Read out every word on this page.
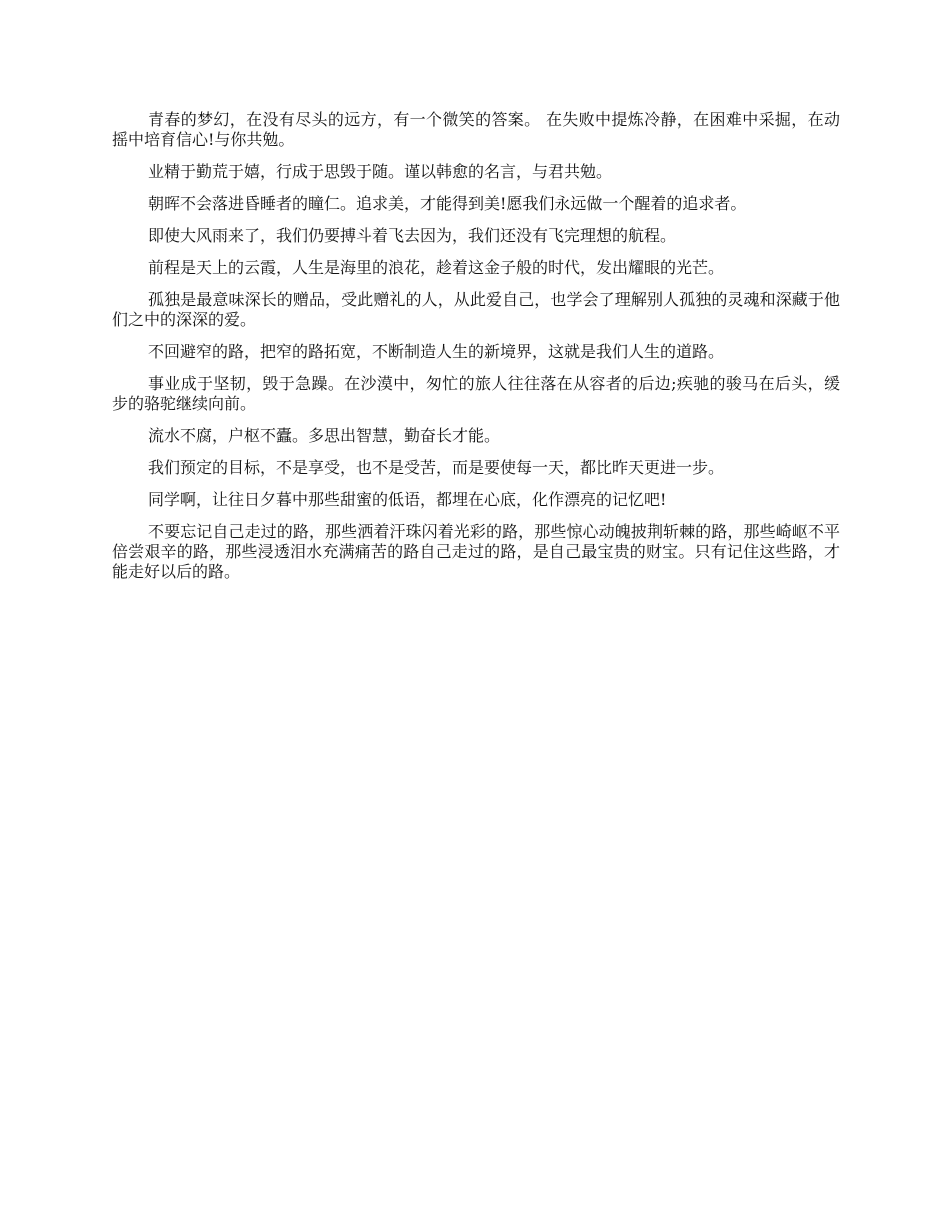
青春的梦幻，在没有尽头的远方，有一个微笑的答案。 在失败中提炼冷静，在困难中采掘，在动摇中培育信心!与你共勉。

业精于勤荒于嬉，行成于思毁于随。谨以韩愈的名言，与君共勉。

朝晖不会落进昏睡者的瞳仁。追求美，才能得到美!愿我们永远做一个醒着的追求者。

即使大风雨来了，我们仍要搏斗着飞去因为，我们还没有飞完理想的航程。

前程是天上的云霞，人生是海里的浪花，趁着这金子般的时代，发出耀眼的光芒。

孤独是最意味深长的赠品，受此赠礼的人，从此爱自己，也学会了理解别人孤独的灵魂和深藏于他们之中的深深的爱。

不回避窄的路，把窄的路拓宽，不断制造人生的新境界，这就是我们人生的道路。

事业成于坚韧，毁于急躁。在沙漠中，匆忙的旅人往往落在从容者的后边;疾驰的骏马在后头，缓步的骆驼继续向前。

流水不腐，户枢不蠹。多思出智慧，勤奋长才能。

我们预定的目标，不是享受，也不是受苦，而是要使每一天，都比昨天更进一步。

同学啊，让往日夕暮中那些甜蜜的低语，都埋在心底，化作漂亮的记忆吧!

不要忘记自己走过的路，那些洒着汗珠闪着光彩的路，那些惊心动魄披荆斩棘的路，那些崎岖不平倍尝艰辛的路，那些浸透泪水充满痛苦的路自己走过的路，是自己最宝贵的财宝。只有记住这些路，才能走好以后的路。
